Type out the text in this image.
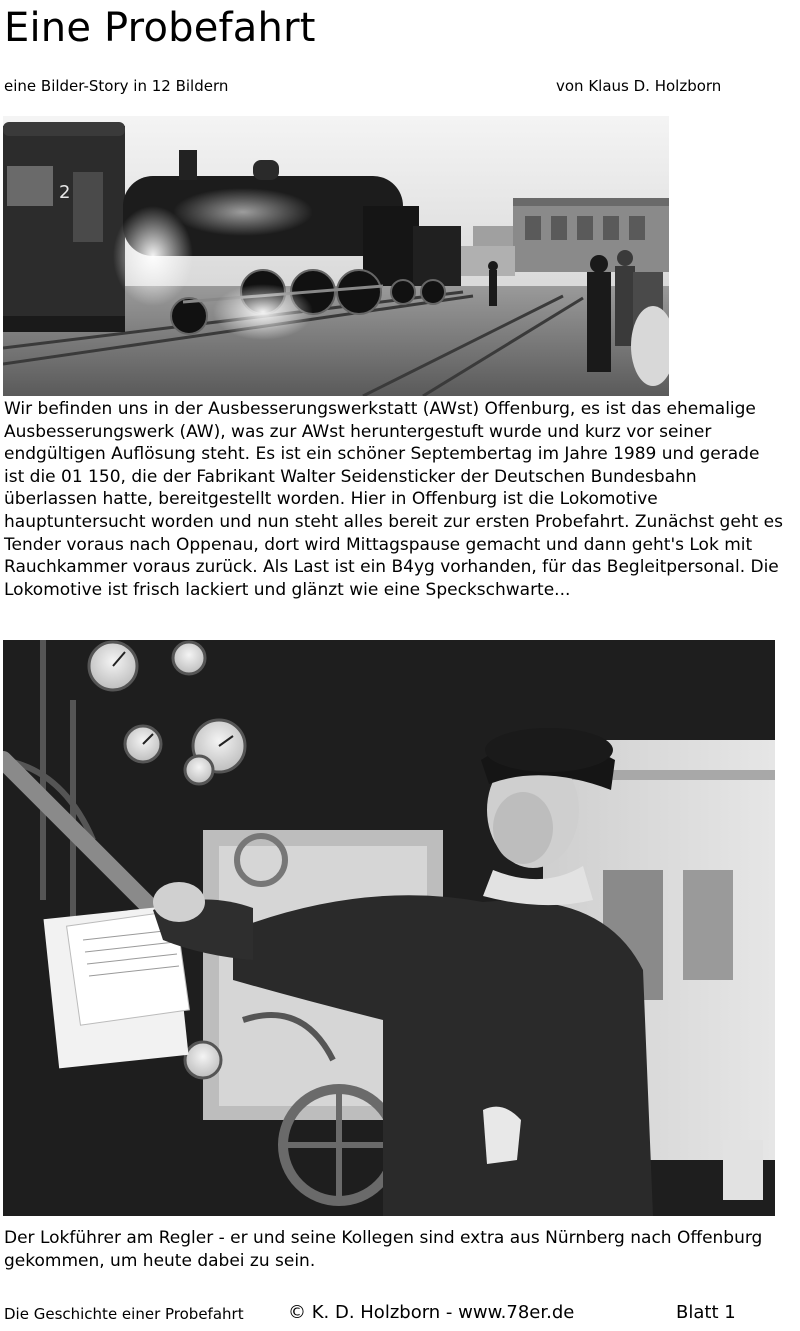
Eine Probefahrt
eine Bilder-Story in 12 Bildern	von Klaus D. Holzborn
2

Wir befinden uns in der Ausbesserungswerkstatt (AWst) Offenburg, es ist das ehemalige Ausbesserungswerk (AW), was zur AWst heruntergestuft wurde und kurz vor seiner endgültigen Auflösung steht. Es ist ein schöner Septembertag im Jahre 1989 und gerade ist die 01 150, die der Fabrikant Walter Seidensticker der Deutschen Bundesbahn überlassen hatte, bereitgestellt worden. Hier in Offenburg ist die Lokomotive hauptuntersucht worden und nun steht alles bereit zur ersten Probefahrt. Zunächst geht es Tender voraus nach Oppenau, dort wird Mittagspause gemacht und dann geht's Lok mit Rauchkammer voraus zurück. Als Last ist ein B4yg vorhanden, für das Begleitpersonal. Die Lokomotive ist frisch lackiert und glänzt wie eine Speckschwarte...

Der Lokführer am Regler - er und seine Kollegen sind extra aus Nürnberg nach Offenburg gekommen, um heute dabei zu sein.

Die Geschichte einer Probefahrt © K. D. Holzborn - www.78er.de	Blatt 1
